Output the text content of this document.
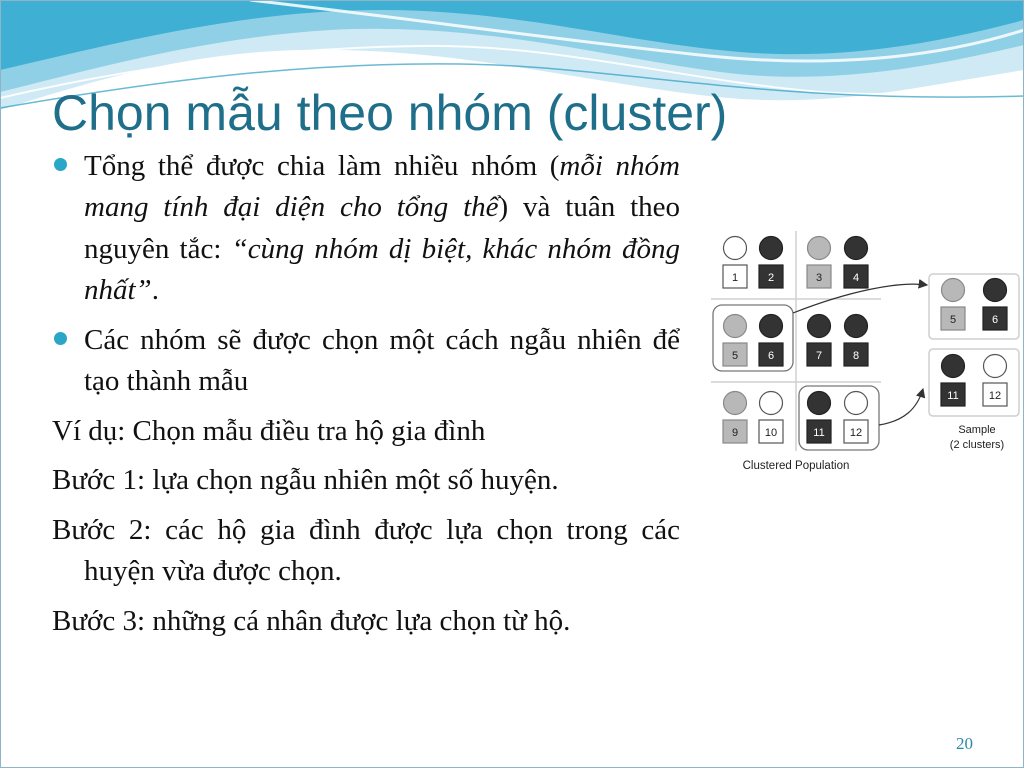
Chọn mẫu theo nhóm (cluster)

Tổng thể được chia làm nhiều nhóm (mỗi nhóm mang tính đại diện cho tổng thể) và tuân theo nguyên tắc: “cùng nhóm dị biệt, khác nhóm đồng nhất”.

Các nhóm sẽ được chọn một cách ngẫu nhiên để tạo thành mẫu

Ví dụ: Chọn mẫu điều tra hộ gia đình

Bước 1: lựa chọn ngẫu nhiên một số huyện.

Bước 2: các hộ gia đình được lựa chọn trong các huyện vừa được chọn.

Bước 3: những cá nhân được lựa chọn từ hộ.

1	2	3	4
5	6	7	8
9 10	11 12
5	6
11	12
Clustered Population
Sample
(2 clusters)
20
